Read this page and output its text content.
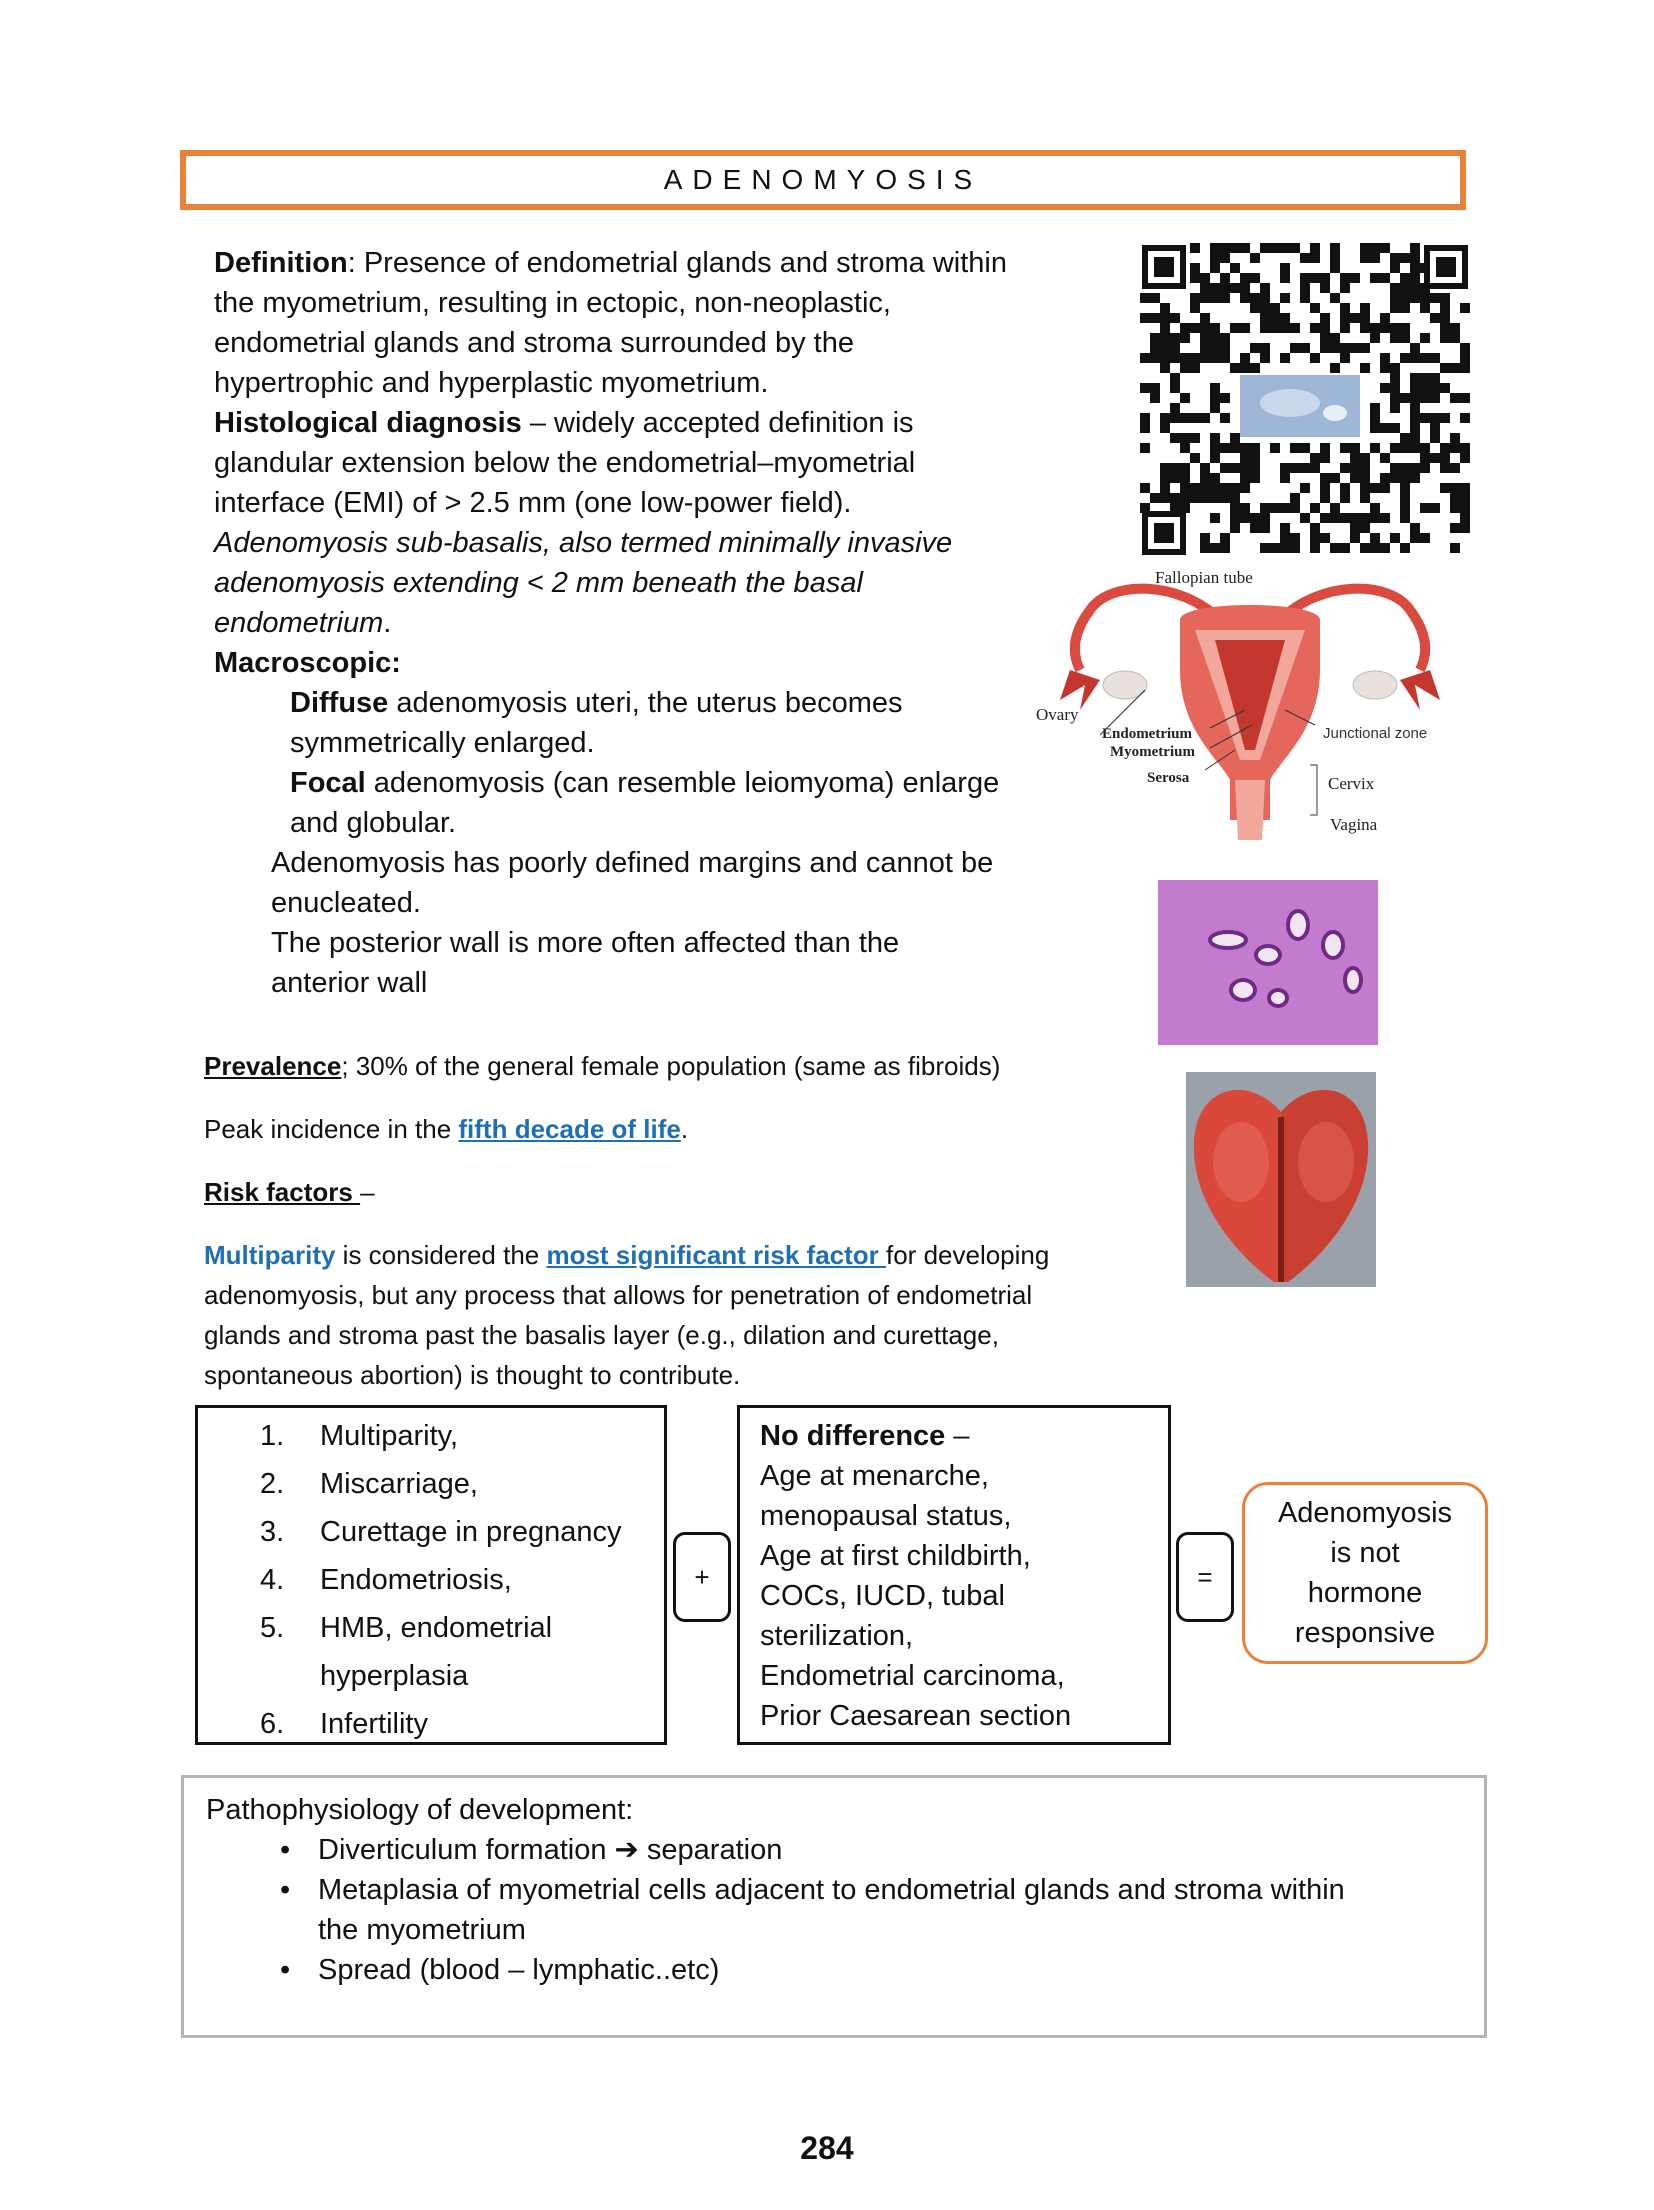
ADENOMYOSIS
Definition: Presence of endometrial glands and stroma within
the myometrium, resulting in ectopic, non-neoplastic,
endometrial glands and stroma surrounded by the
hypertrophic and hyperplastic myometrium.
Histological diagnosis – widely accepted definition is
glandular extension below the endometrial–myometrial
interface (EMI) of > 2.5 mm (one low-power field).
Adenomyosis sub-basalis, also termed minimally invasive
adenomyosis extending < 2 mm beneath the basal
endometrium.
Macroscopic:
Diffuse adenomyosis uteri, the uterus becomes
symmetrically enlarged.
Focal adenomyosis (can resemble leiomyoma) enlarge
and globular.
Adenomyosis has poorly defined margins and cannot be
enucleated.
The posterior wall is more often affected than the
anterior wall
Fallopian tube
Ovary
Endometrium
Myometrium
Serosa
Junctional zone
Cervix
Vagina
Prevalence; 30% of the general female population (same as fibroids)
Peak incidence in the fifth decade of life.
Risk factors –
Multiparity is considered the most significant risk factor for developing
adenomyosis, but any process that allows for penetration of endometrial
glands and stroma past the basalis layer (e.g., dilation and curettage,
spontaneous abortion) is thought to contribute.
1. Multiparity,
2. Miscarriage,
3. Curettage in pregnancy
4. Endometriosis,
5. HMB, endometrial
hyperplasia
6. Infertility
+
No difference –
Age at menarche,
menopausal status,
Age at first childbirth,
COCs, IUCD, tubal
sterilization,
Endometrial carcinoma,
Prior Caesarean section
=
Adenomyosis
is not
hormone
responsive
Pathophysiology of development:
• Diverticulum formation ➔ separation
• Metaplasia of myometrial cells adjacent to endometrial glands and stroma within
the myometrium
• Spread (blood – lymphatic..etc)
284
